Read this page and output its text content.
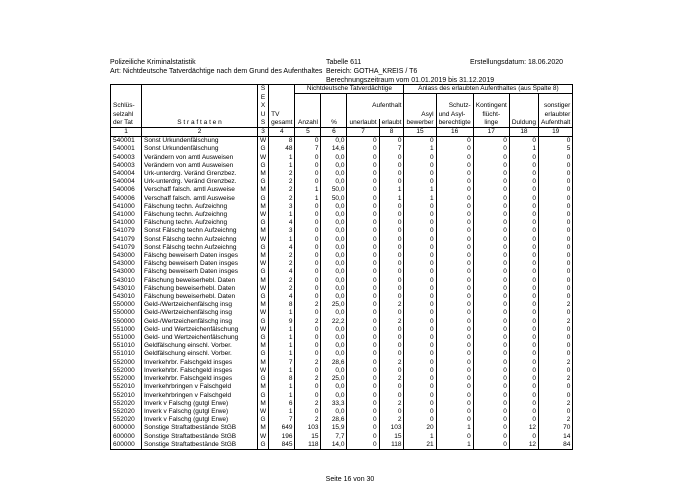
Polizeiliche Kriminalstatistik
Art: Nichtdeutsche Tatverdächtige nach dem Grund des Aufenthaltes
Tabelle 611
Bereich: GOTHA_KREIS / T6
Berechnungszeitraum vom 01.01.2019 bis 31.12.2019
Erstellungsdatum: 18.06.2020
		S		Nichtdeutsche Tatverdächtige				Anlass des erlaubten Aufenthaltes (aus Spalte 8)				
		E										
Schlüs-		X				Aufenthalt			Schutz-	Kontingent		sonstiger
selzahl		U	TV					Asyl	und Asyl-	flücht-		erlaubter
der Tat	S t r a f t a t e n	S	gesamt	Anzahl	%	unerlaubt	erlaubt	bewerber	berechtigte	linge	Duldung	Aufenthalt
1	2	3	4	5	6	7	8	15	16	17	18	19
540001	Sonst Urkundenfälschung	W	8	0	0,0	0	0	0	0	0	0	0
540001	Sonst Urkundenfälschung	G	48	7	14,6	0	7	1	0	0	1	5
540003	Verändern von amtl Ausweisen	W	1	0	0,0	0	0	0	0	0	0	0
540003	Verändern von amtl Ausweisen	G	1	0	0,0	0	0	0	0	0	0	0
540004	Urk-unterdrg. Veränd Grenzbez.	M	2	0	0,0	0	0	0	0	0	0	0
540004	Urk-unterdrg. Veränd Grenzbez.	G	2	0	0,0	0	0	0	0	0	0	0
540006	Verschaff falsch. amtl Ausweise	M	2	1	50,0	0	1	1	0	0	0	0
540006	Verschaff falsch. amtl Ausweise	G	2	1	50,0	0	1	1	0	0	0	0
541000	Fälschung techn. Aufzeichng	M	3	0	0,0	0	0	0	0	0	0	0
541000	Fälschung techn. Aufzeichng	W	1	0	0,0	0	0	0	0	0	0	0
541000	Fälschung techn. Aufzeichng	G	4	0	0,0	0	0	0	0	0	0	0
541079	Sonst Fälschg techn Aufzeichng	M	3	0	0,0	0	0	0	0	0	0	0
541079	Sonst Fälschg techn Aufzeichng	W	1	0	0,0	0	0	0	0	0	0	0
541079	Sonst Fälschg techn Aufzeichng	G	4	0	0,0	0	0	0	0	0	0	0
543000	Fälschg beweiserh Daten insges	M	2	0	0,0	0	0	0	0	0	0	0
543000	Fälschg beweiserh Daten insges	W	2	0	0,0	0	0	0	0	0	0	0
543000	Fälschg beweiserh Daten insges	G	4	0	0,0	0	0	0	0	0	0	0
543010	Fälschung beweiserhebl. Daten	M	2	0	0,0	0	0	0	0	0	0	0
543010	Fälschung beweiserhebl. Daten	W	2	0	0,0	0	0	0	0	0	0	0
543010	Fälschung beweiserhebl. Daten	G	4	0	0,0	0	0	0	0	0	0	0
550000	Geld-/Wertzeichenfälschg insg	M	8	2	25,0	0	2	0	0	0	0	2
550000	Geld-/Wertzeichenfälschg insg	W	1	0	0,0	0	0	0	0	0	0	0
550000	Geld-/Wertzeichenfälschg insg	G	9	2	22,2	0	2	0	0	0	0	2
551000	Geld- und Wertzeichenfälschung	W	1	0	0,0	0	0	0	0	0	0	0
551000	Geld- und Wertzeichenfälschung	G	1	0	0,0	0	0	0	0	0	0	0
551010	Geldfälschung einschl. Vorber.	M	1	0	0,0	0	0	0	0	0	0	0
551010	Geldfälschung einschl. Vorber.	G	1	0	0,0	0	0	0	0	0	0	0
552000	Inverkehrbr. Falschgeld insges	M	7	2	28,6	0	2	0	0	0	0	2
552000	Inverkehrbr. Falschgeld insges	W	1	0	0,0	0	0	0	0	0	0	0
552000	Inverkehrbr. Falschgeld insges	G	8	2	25,0	0	2	0	0	0	0	2
552010	Inverkehrbringen v Falschgeld	M	1	0	0,0	0	0	0	0	0	0	0
552010	Inverkehrbringen v Falschgeld	G	1	0	0,0	0	0	0	0	0	0	0
552020	Inverk v Falschg (gutgl Erwe)	M	6	2	33,3	0	2	0	0	0	0	2
552020	Inverk v Falschg (gutgl Erwe)	W	1	0	0,0	0	0	0	0	0	0	0
552020	Inverk v Falschg (gutgl Erwe)	G	7	2	28,6	0	2	0	0	0	0	2
600000	Sonstige Straftatbestände StGB	M	649	103	15,9	0	103	20	1	0	12	70
600000	Sonstige Straftatbestände StGB	W	196	15	7,7	0	15	1	0	0	0	14
600000	Sonstige Straftatbestände StGB	G	845	118	14,0	0	118	21	1	0	12	84
Seite 16 von 30
